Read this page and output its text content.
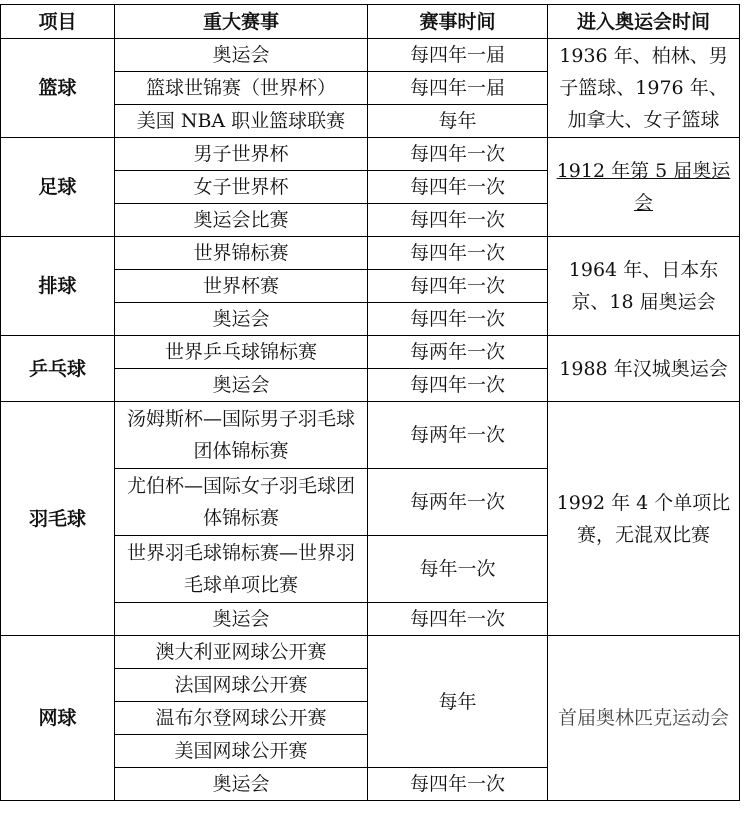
项目	重大赛事	赛事时间	进入奥运会时间
篮球	奥运会	每四年一届	1936 年、柏林、男子篮球、1976 年、加拿大、女子篮球
	篮球世锦赛（世界杯）	每四年一届	
	美国 NBA 职业篮球联赛	每年	
足球	男子世界杯	每四年一次	1912 年第 5 届奥运会
	女子世界杯	每四年一次	
	奥运会比赛	每四年一次	
排球	世界锦标赛	每四年一次	1964 年、日本东京、18 届奥运会
	世界杯赛	每四年一次	
	奥运会	每四年一次	
乒乓球	世界乒乓球锦标赛	每两年一次	1988 年汉城奥运会
	奥运会	每四年一次	
羽毛球	汤姆斯杯—国际男子羽毛球团体锦标赛	每两年一次	1992 年 4 个单项比赛，无混双比赛
	尤伯杯—国际女子羽毛球团体锦标赛	每两年一次	
	世界羽毛球锦标赛—世界羽毛球单项比赛	每年一次	
	奥运会	每四年一次	
网球	澳大利亚网球公开赛	每年	首届奥林匹克运动会
	法国网球公开赛		
	温布尔登网球公开赛		
	美国网球公开赛		
	奥运会	每四年一次	
